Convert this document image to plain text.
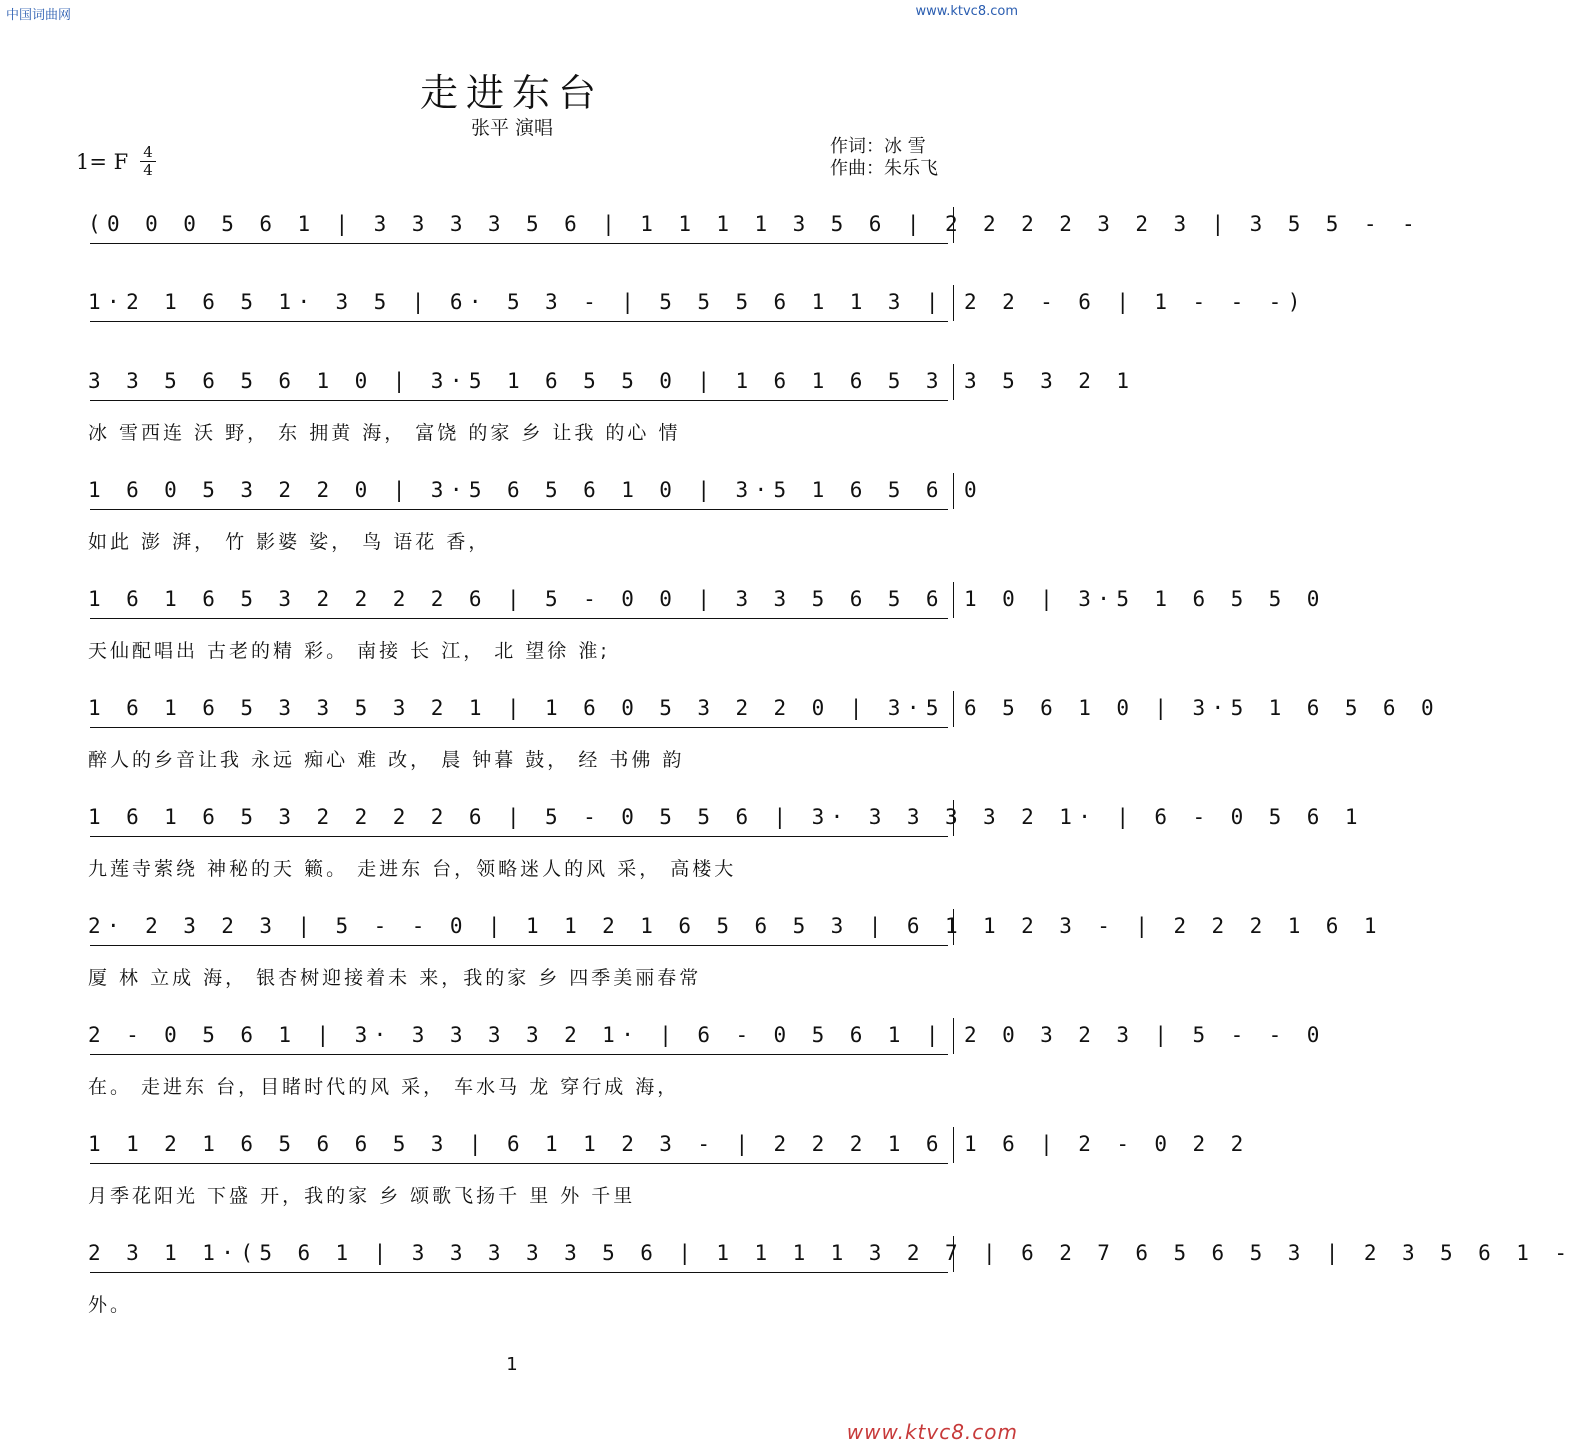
中国词曲网	www.ktvc8.com
走进东台
张平 演唱
1= F 4
4
作词：冰 雪
作曲：朱乐飞
(0 0 0 5 6 1 | 3 3 3 3 5 6 | 1 1 1 1 3 5 6 | 2 2 2 2 3 2 3 | 3 5 5 - -
1·2 1 6 5 1· 3 5 | 6· 5 3 - | 5 5 5 6 1 1 3 | 2 2 - 6 | 1 - - -)
3 3 5 6 5 6 1 0 | 3·5 1 6 5 5 0 | 1 6 1 6 5 3 3 5 3 2 1
冰 雪西连 沃 野， 东 拥黄 海， 富饶 的家 乡 让我 的心 情
1 6 0 5 3 2 2 0 | 3·5 6 5 6 1 0 | 3·5 1 6 5 6 0
如此 澎 湃， 竹 影婆 娑， 鸟 语花 香，
1 6 1 6 5 3 2 2 2 2 6 | 5 - 0 0 | 3 3 5 6 5 6 1 0 | 3·5 1 6 5 5 0
天仙配唱出 古老的精 彩。 南接 长 江， 北 望徐 淮;
1 6 1 6 5 3 3 5 3 2 1 | 1 6 0 5 3 2 2 0 | 3·5 6 5 6 1 0 | 3·5 1 6 5 6 0
醉人的乡音让我 永远 痴心 难 改， 晨 钟暮 鼓， 经 书佛 韵
1 6 1 6 5 3 2 2 2 2 6 | 5 - 0 5 5 6 | 3· 3 3 3 3 2 1· | 6 - 0 5 6 1
九莲寺萦绕 神秘的天 籁。 走进东 台，领略迷人的风 采， 高楼大
2· 2 3 2 3 | 5 - - 0 | 1 1 2 1 6 5 6 5 3 | 6 1 1 2 3 - | 2 2 2 1 6 1
厦 林 立成 海， 银杏树迎接着未 来，我的家 乡 四季美丽春常
2 - 0 5 6 1 | 3· 3 3 3 3 2 1· | 6 - 0 5 6 1 | 2 0 3 2 3 | 5 - - 0
在。 走进东 台，目睹时代的风 采， 车水马 龙 穿行成 海，
1 1 2 1 6 5 6 6 5 3 | 6 1 1 2 3 - | 2 2 2 1 6 1 6 | 2 - 0 2 2
月季花阳光 下盛 开，我的家 乡 颂歌飞扬千 里 外 千里
2 3 1 1·(5 6 1 | 3 3 3 3 3 5 6 | 1 1 1 1 3 2 7 | 6 2 7 6 5 6 5 3 | 2 3 5 6 1 -
外。
1
www.ktvc8.com
